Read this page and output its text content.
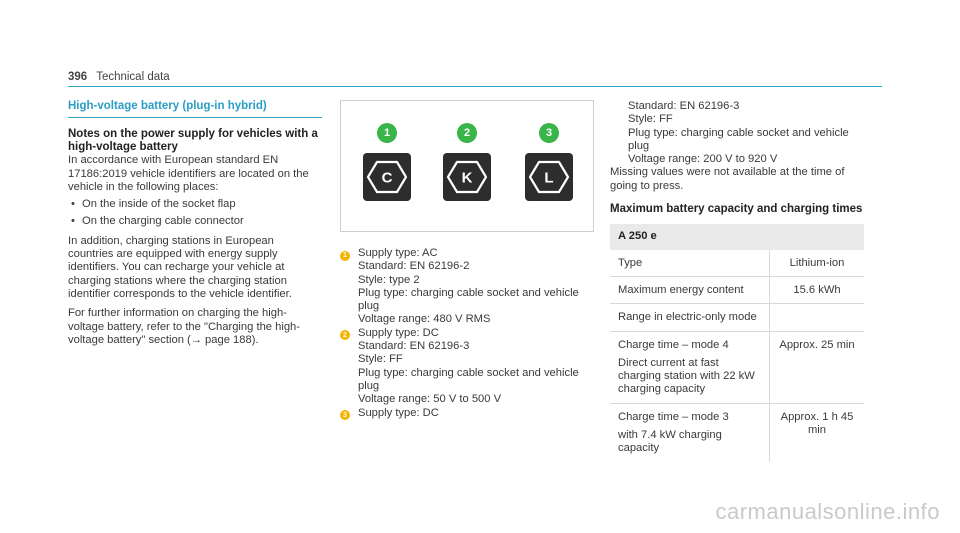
396 Technical data
High-voltage battery (plug-in hybrid)
Notes on the power supply for vehicles with a high-voltage battery

In accordance with European standard EN 17186:2019 vehicle identifiers are located on the vehicle in the following places:

• On the inside of the socket flap
• On the charging cable connector

In addition, charging stations in European countries are equipped with energy supply identifiers. You can recharge your vehicle at charging stations where the charging station identifier corresponds to the vehicle identifier.

For further information on charging the high-voltage battery, refer to the "Charging the high-voltage battery" section (→ page 188).

1
C
2
K
3
L
1 Supply type: AC
Standard: EN 62196-2
Style: type 2
Plug type: charging cable socket and vehicle plug
Voltage range: 480 V RMS
2 Supply type: DC
Standard: EN 62196-3
Style: FF
Plug type: charging cable socket and vehicle plug
Voltage range: 50 V to 500 V
3 Supply type: DC
Standard: EN 62196-3
Style: FF
Plug type: charging cable socket and vehicle plug
Voltage range: 200 V to 920 V
Missing values were not available at the time of going to press.
Maximum battery capacity and charging times
A 250 e	
Type	Lithium-ion
Maximum energy content	15.6 kWh
Range in electric-only mode	

Charge time – mode 4
Direct current at fast charging station with 22 kW charging capacity	Approx. 25 min

Charge time – mode 3
with 7.4 kW charging capacity	Approx. 1 h 45 min
carmanualsonline.info
